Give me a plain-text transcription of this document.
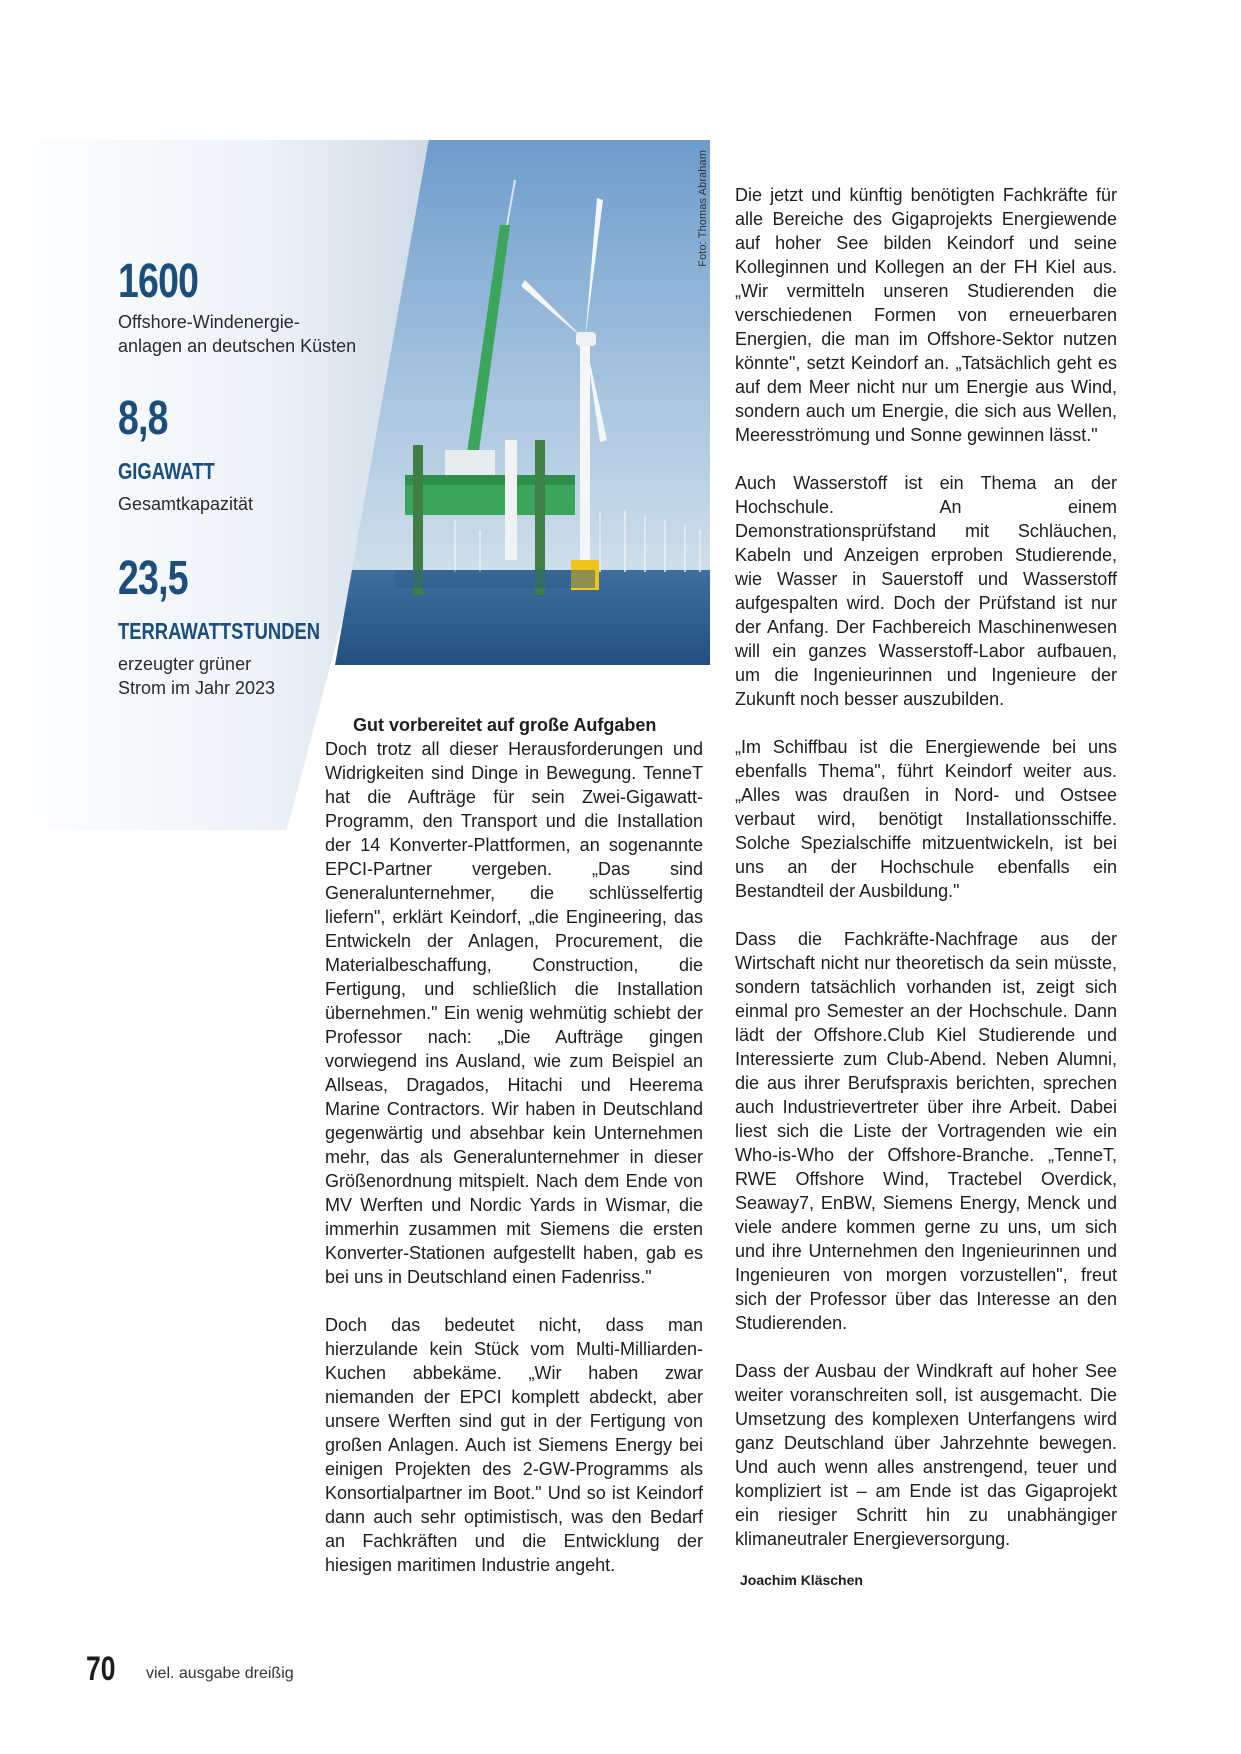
Foto: Thomas Abraham
1600
Offshore-Windenergie-
anlagen an deutschen Küsten
8,8
GIGAWATT
Gesamtkapazität
23,5
TERRAWATTSTUNDEN
erzeugter grüner
Strom im Jahr 2023

Gut vorbereitet auf große Aufgaben

Doch trotz all dieser Herausforderungen und Widrigkeiten sind Dinge in Bewegung. TenneT hat die Aufträge für sein Zwei-Gigawatt-Programm, den Transport und die Installation der 14 Konverter-Plattformen, an sogenannte EPCI-Partner vergeben. „Das sind Generalunternehmer, die schlüsselfertig liefern", erklärt Keindorf, „die Engineering, das Entwickeln der Anlagen, Procurement, die Materialbeschaffung, Construction, die Fertigung, und schließlich die Installation übernehmen." Ein wenig wehmütig schiebt der Professor nach: „Die Aufträge gingen vorwiegend ins Ausland, wie zum Beispiel an Allseas, Dragados, Hitachi und Heerema Marine Contractors. Wir haben in Deutschland gegenwärtig und absehbar kein Unternehmen mehr, das als Generalunternehmer in dieser Größenordnung mitspielt. Nach dem Ende von MV Werften und Nordic Yards in Wismar, die immerhin zusammen mit Siemens die ersten Konverter-Stationen aufgestellt haben, gab es bei uns in Deutschland einen Fadenriss."

Doch das bedeutet nicht, dass man hierzulande kein Stück vom Multi-Milliarden-Kuchen abbekäme. „Wir haben zwar niemanden der EPCI komplett abdeckt, aber unsere Werften sind gut in der Fertigung von großen Anlagen. Auch ist Siemens Energy bei einigen Projekten des 2-GW-Programms als Konsortialpartner im Boot." Und so ist Keindorf dann auch sehr optimistisch, was den Bedarf an Fachkräften und die Entwicklung der hiesigen maritimen Industrie angeht.

Die jetzt und künftig benötigten Fachkräfte für alle Bereiche des Gigaprojekts Energiewende auf hoher See bilden Keindorf und seine Kolleginnen und Kollegen an der FH Kiel aus. „Wir vermitteln unseren Studierenden die verschiedenen Formen von erneuerbaren Energien, die man im Offshore-Sektor nutzen könnte", setzt Keindorf an. „Tatsächlich geht es auf dem Meer nicht nur um Energie aus Wind, sondern auch um Energie, die sich aus Wellen, Meeresströmung und Sonne gewinnen lässt."

Auch Wasserstoff ist ein Thema an der Hochschule. An einem Demonstrationsprüfstand mit Schläuchen, Kabeln und Anzeigen erproben Studierende, wie Wasser in Sauerstoff und Wasserstoff aufgespalten wird. Doch der Prüfstand ist nur der Anfang. Der Fachbereich Maschinenwesen will ein ganzes Wasserstoff-Labor aufbauen, um die Ingenieurinnen und Ingenieure der Zukunft noch besser auszubilden.

„Im Schiffbau ist die Energiewende bei uns ebenfalls Thema", führt Keindorf weiter aus. „Alles was draußen in Nord- und Ostsee verbaut wird, benötigt Installationsschiffe. Solche Spezialschiffe mitzuentwickeln, ist bei uns an der Hochschule ebenfalls ein Bestandteil der Ausbildung."

Dass die Fachkräfte-Nachfrage aus der Wirtschaft nicht nur theoretisch da sein müsste, sondern tatsächlich vorhanden ist, zeigt sich einmal pro Semester an der Hochschule. Dann lädt der Offshore.Club Kiel Studierende und Interessierte zum Club-Abend. Neben Alumni, die aus ihrer Berufspraxis berichten, sprechen auch Industrievertreter über ihre Arbeit. Dabei liest sich die Liste der Vortragenden wie ein Who-is-Who der Offshore-Branche. „TenneT, RWE Offshore Wind, Tractebel Overdick, Seaway7, EnBW, Siemens Energy, Menck und viele andere kommen gerne zu uns, um sich und ihre Unternehmen den Ingenieurinnen und Ingenieuren von morgen vorzustellen", freut sich der Professor über das Interesse an den Studierenden.

Dass der Ausbau der Windkraft auf hoher See weiter voranschreiten soll, ist ausgemacht. Die Umsetzung des komplexen Unterfangens wird ganz Deutschland über Jahrzehnte bewegen. Und auch wenn alles anstrengend, teuer und kompliziert ist – am Ende ist das Gigaprojekt ein riesiger Schritt hin zu unabhängiger klimaneutraler Energieversorgung.

Joachim Kläschen
70 viel. ausgabe dreißig
